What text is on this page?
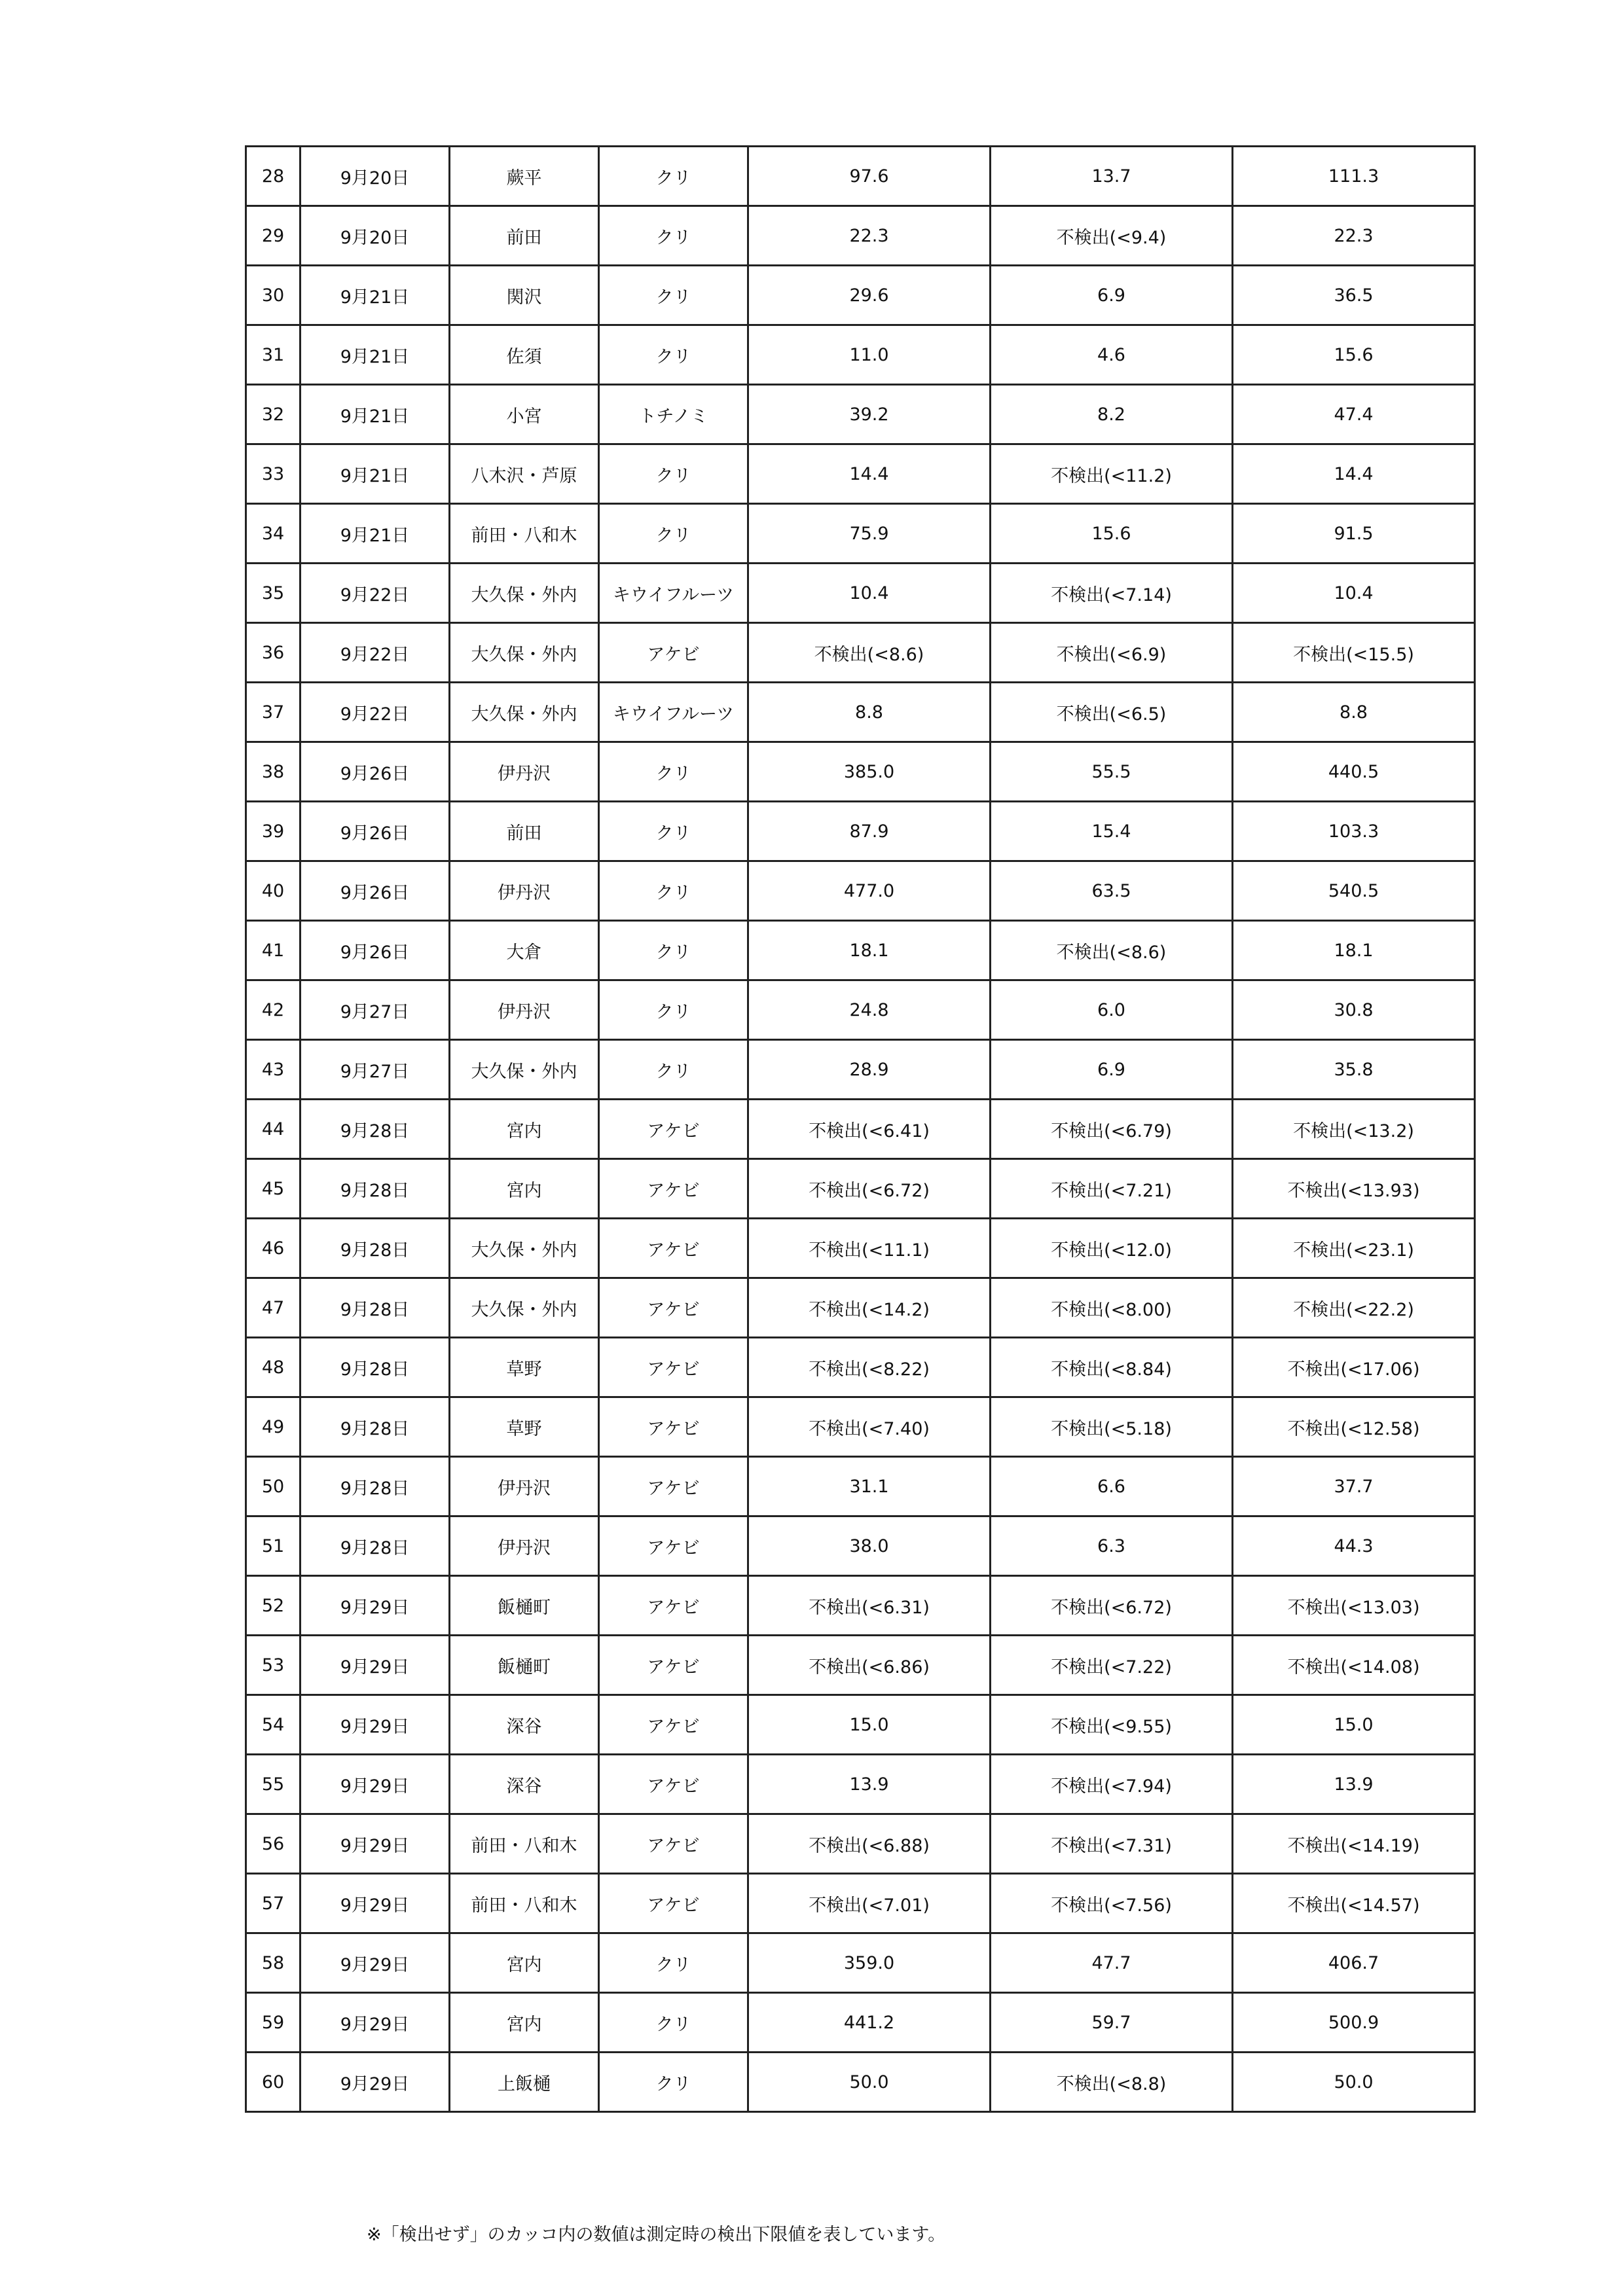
28	9月20日	蕨平	クリ	97.6	13.7	111.3
29	9月20日	前田	クリ	22.3	不検出(<9.4)	22.3
30	9月21日	関沢	クリ	29.6	6.9	36.5
31	9月21日	佐須	クリ	11.0	4.6	15.6
32	9月21日	小宮	トチノミ	39.2	8.2	47.4
33	9月21日	八木沢・芦原	クリ	14.4	不検出(<11.2)	14.4
34	9月21日	前田・八和木	クリ	75.9	15.6	91.5
35	9月22日	大久保・外内	キウイフルーツ	10.4	不検出(<7.14)	10.4
36	9月22日	大久保・外内	アケビ	不検出(<8.6)	不検出(<6.9)	不検出(<15.5)
37	9月22日	大久保・外内	キウイフルーツ	8.8	不検出(<6.5)	8.8
38	9月26日	伊丹沢	クリ	385.0	55.5	440.5
39	9月26日	前田	クリ	87.9	15.4	103.3
40	9月26日	伊丹沢	クリ	477.0	63.5	540.5
41	9月26日	大倉	クリ	18.1	不検出(<8.6)	18.1
42	9月27日	伊丹沢	クリ	24.8	6.0	30.8
43	9月27日	大久保・外内	クリ	28.9	6.9	35.8
44	9月28日	宮内	アケビ	不検出(<6.41)	不検出(<6.79)	不検出(<13.2)
45	9月28日	宮内	アケビ	不検出(<6.72)	不検出(<7.21)	不検出(<13.93)
46	9月28日	大久保・外内	アケビ	不検出(<11.1)	不検出(<12.0)	不検出(<23.1)
47	9月28日	大久保・外内	アケビ	不検出(<14.2)	不検出(<8.00)	不検出(<22.2)
48	9月28日	草野	アケビ	不検出(<8.22)	不検出(<8.84)	不検出(<17.06)
49	9月28日	草野	アケビ	不検出(<7.40)	不検出(<5.18)	不検出(<12.58)
50	9月28日	伊丹沢	アケビ	31.1	6.6	37.7
51	9月28日	伊丹沢	アケビ	38.0	6.3	44.3
52	9月29日	飯樋町	アケビ	不検出(<6.31)	不検出(<6.72)	不検出(<13.03)
53	9月29日	飯樋町	アケビ	不検出(<6.86)	不検出(<7.22)	不検出(<14.08)
54	9月29日	深谷	アケビ	15.0	不検出(<9.55)	15.0
55	9月29日	深谷	アケビ	13.9	不検出(<7.94)	13.9
56	9月29日	前田・八和木	アケビ	不検出(<6.88)	不検出(<7.31)	不検出(<14.19)
57	9月29日	前田・八和木	アケビ	不検出(<7.01)	不検出(<7.56)	不検出(<14.57)
58	9月29日	宮内	クリ	359.0	47.7	406.7
59	9月29日	宮内	クリ	441.2	59.7	500.9
60	9月29日	上飯樋	クリ	50.0	不検出(<8.8)	50.0
※「検出せず」のカッコ内の数値は測定時の検出下限値を表しています。
